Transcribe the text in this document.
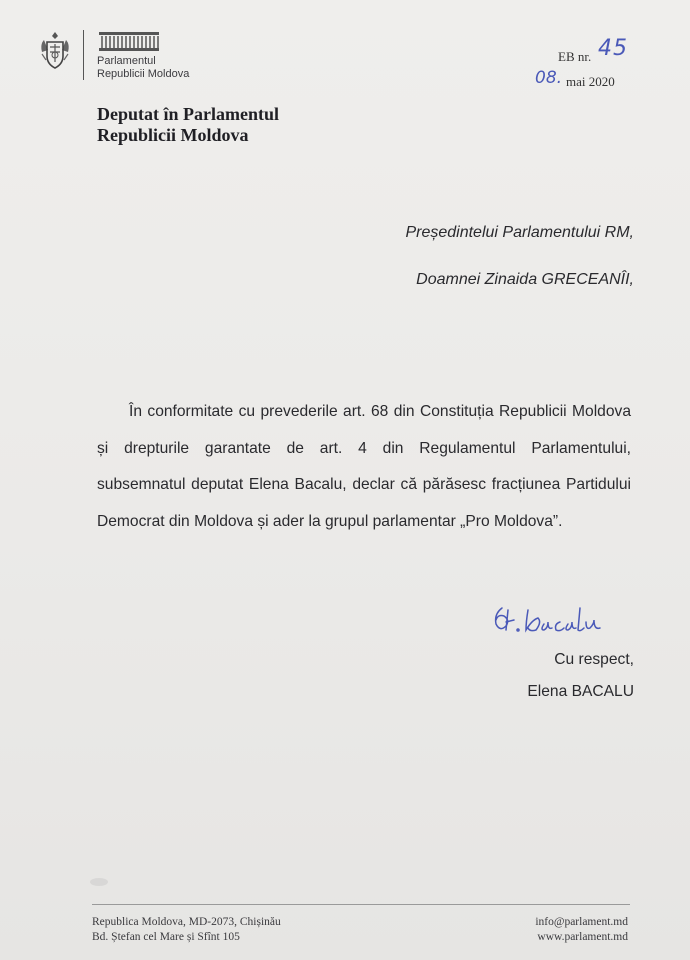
Parlamentul
Republicii Moldova
EB nr. 45
08. mai 2020
Deputat în Parlamentul
Republicii Moldova
Președintelui Parlamentului RM,
Doamnei Zinaida GRECEANÎI,
În conformitate cu prevederile art. 68 din Constituția Republicii Moldova și drepturile garantate de art. 4 din Regulamentul Parlamentului, subsemnatul deputat Elena Bacalu, declar că părăsesc fracțiunea Partidului Democrat din Moldova și ader la grupul parlamentar „Pro Moldova”.
Cu respect,
Elena BACALU
Republica Moldova, MD-2073, Chișinău
Bd. Ștefan cel Mare și Sfînt 105
info@parlament.md
www.parlament.md
